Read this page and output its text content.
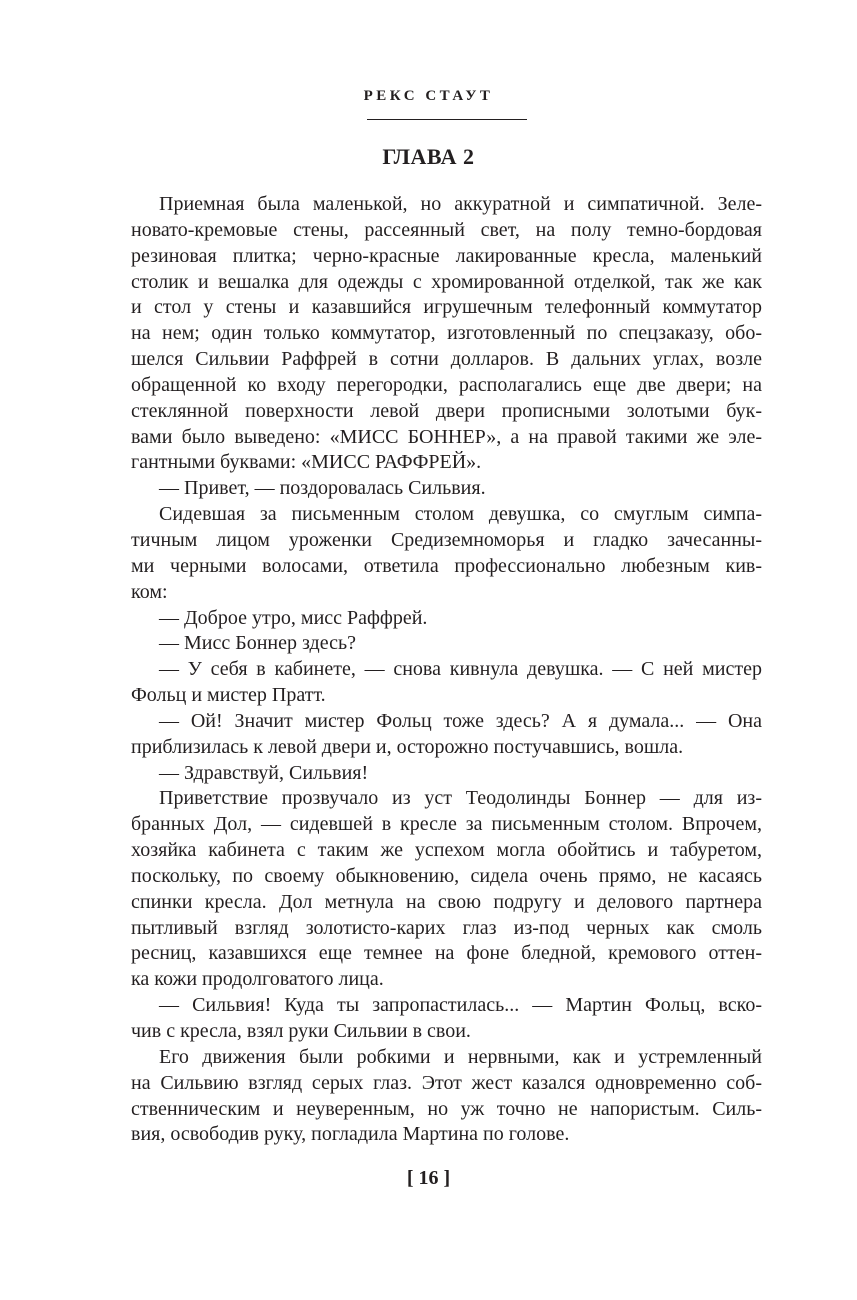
РЕКС СТАУТ
ГЛАВА 2
Приемная была маленькой, но аккуратной и симпатичной. Зеле-
новато-кремовые стены, рассеянный свет, на полу темно-бордовая
резиновая плитка; черно-красные лакированные кресла, маленький
столик и вешалка для одежды с хромированной отделкой, так же как
и стол у стены и казавшийся игрушечным телефонный коммутатор
на нем; один только коммутатор, изготовленный по спецзаказу, обо-
шелся Сильвии Раффрей в сотни долларов. В дальних углах, возле
обращенной ко входу перегородки, располагались еще две двери; на
стеклянной поверхности левой двери прописными золотыми бук-
вами было выведено: «МИСС БОННЕР», а на правой такими же эле-
гантными буквами: «МИСС РАФФРЕЙ».
— Привет, — поздоровалась Сильвия.
Сидевшая за письменным столом девушка, со смуглым симпа-
тичным лицом уроженки Средиземноморья и гладко зачесанны-
ми черными волосами, ответила профессионально любезным кив-
ком:
— Доброе утро, мисс Раффрей.
— Мисс Боннер здесь?
— У себя в кабинете, — снова кивнула девушка. — С ней мистер
Фольц и мистер Пратт.
— Ой! Значит мистер Фольц тоже здесь? А я думала... — Она
приблизилась к левой двери и, осторожно постучавшись, вошла.
— Здравствуй, Сильвия!
Приветствие прозвучало из уст Теодолинды Боннер — для из-
бранных Дол, — сидевшей в кресле за письменным столом. Впрочем,
хозяйка кабинета с таким же успехом могла обойтись и табуретом,
поскольку, по своему обыкновению, сидела очень прямо, не касаясь
спинки кресла. Дол метнула на свою подругу и делового партнера
пытливый взгляд золотисто-карих глаз из-под черных как смоль
ресниц, казавшихся еще темнее на фоне бледной, кремового оттен-
ка кожи продолговатого лица.
— Сильвия! Куда ты запропастилась... — Мартин Фольц, вско-
чив с кресла, взял руки Сильвии в свои.
Его движения были робкими и нервными, как и устремленный
на Сильвию взгляд серых глаз. Этот жест казался одновременно соб-
ственническим и неуверенным, но уж точно не напористым. Силь-
вия, освободив руку, погладила Мартина по голове.
[ 16 ]
